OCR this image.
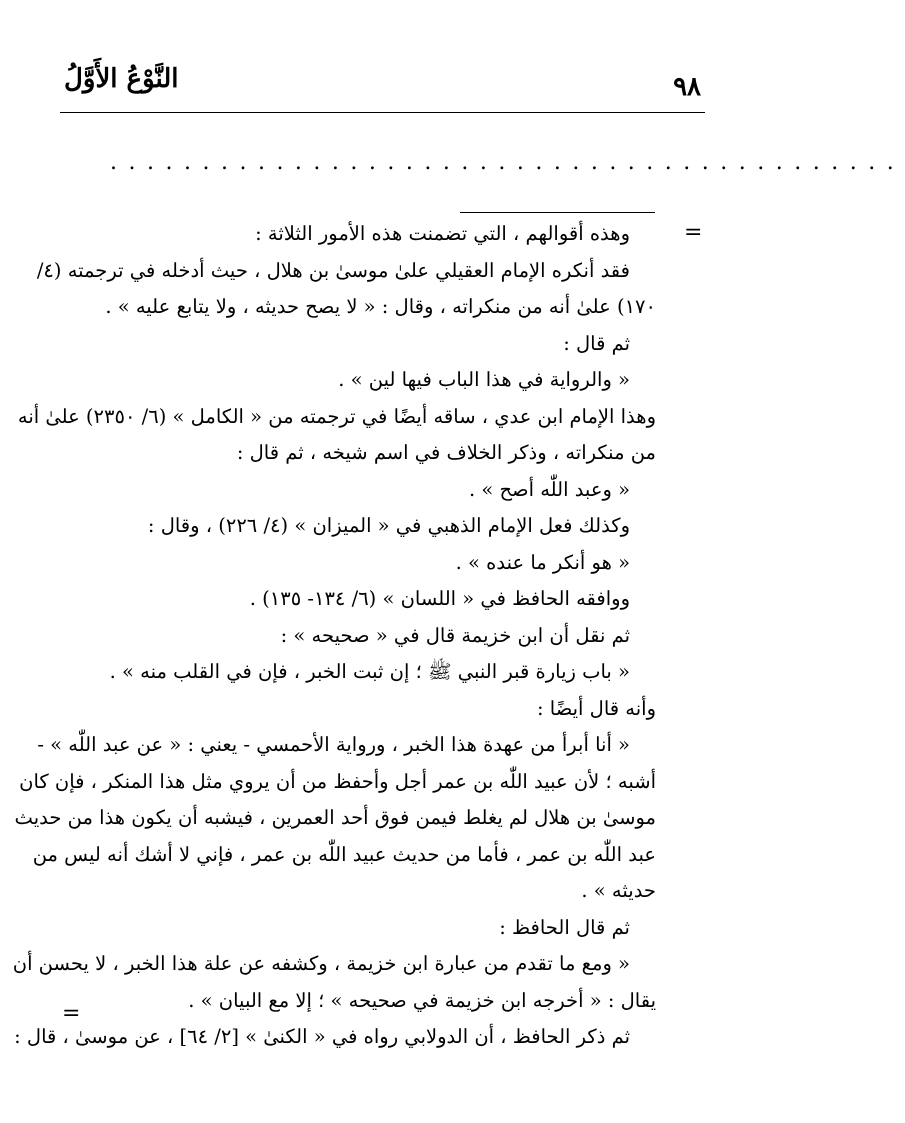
٩٨
النَّوْعُ الأَوَّلُ
...........................................
=
=
وهذه أقوالهم ، التي تضمنت هذه الأمور الثلاثة :
فقد أنكره الإمام العقيلي علىٰ موسىٰ بن هلال ، حيث أدخله في ترجمته (٤/
١٧٠) علىٰ أنه من منكراته ، وقال : « لا يصح حديثه ، ولا يتابع عليه » .
ثم قال :
« والرواية في هذا الباب فيها لين » .
وهذا الإمام ابن عدي ، ساقه أيضًا في ترجمته من « الكامل » (٦/ ٢٣٥٠) علىٰ أنه
من منكراته ، وذكر الخلاف في اسم شيخه ، ثم قال :
« وعبد اللّٰه أصح » .
وكذلك فعل الإمام الذهبي في « الميزان » (٤/ ٢٢٦) ، وقال :
« هو أنكر ما عنده » .
ووافقه الحافظ في « اللسان » (٦/ ١٣٤- ١٣٥) .
ثم نقل أن ابن خزيمة قال في « صحيحه » :
« باب زيارة قبر النبي ﷺ ؛ إن ثبت الخبر ، فإن في القلب منه » .
وأنه قال أيضًا :
« أنا أبرأ من عهدة هذا الخبر ، ورواية الأحمسي - يعني : « عن عبد اللّٰه » -
أشبه ؛ لأن عبيد اللّٰه بن عمر أجل وأحفظ من أن يروي مثل هذا المنكر ، فإن كان
موسىٰ بن هلال لم يغلط فيمن فوق أحد العمرين ، فيشبه أن يكون هذا من حديث
عبد اللّٰه بن عمر ، فأما من حديث عبيد اللّٰه بن عمر ، فإني لا أشك أنه ليس من
حديثه » .
ثم قال الحافظ :
« ومع ما تقدم من عبارة ابن خزيمة ، وكشفه عن علة هذا الخبر ، لا يحسن أن
يقال : « أخرجه ابن خزيمة في صحيحه » ؛ إلا مع البيان » .
ثم ذكر الحافظ ، أن الدولابي رواه في « الكنىٰ » [٢/ ٦٤] ، عن موسىٰ ، قال :
